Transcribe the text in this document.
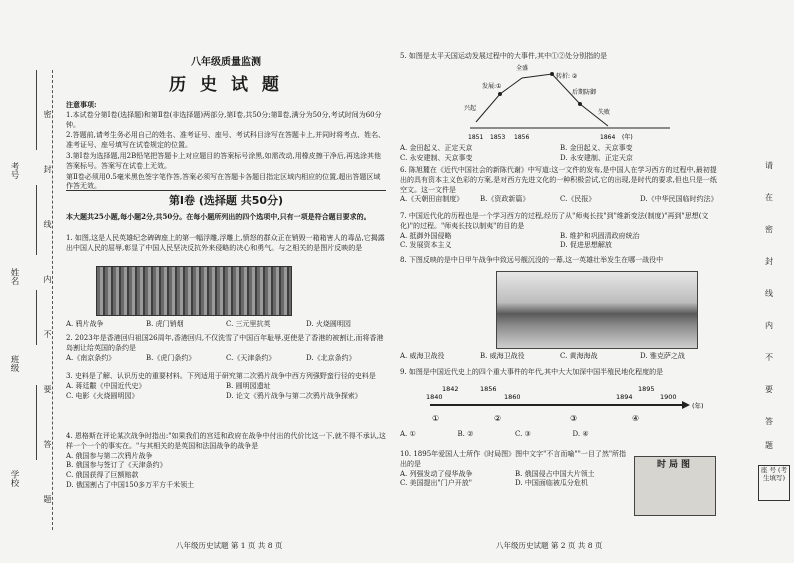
考号
姓名
班级
学校
密
封
线
内
不
要
答
题
八年级质量监测
历 史 试 题

注意事项:

1.本试卷分第Ⅰ卷(选择题)和第Ⅱ卷(非选择题)两部分,第Ⅰ卷,共50分;第Ⅱ卷,满分为50分,考试时间为60分钟。

2.答题前,请考生务必用自己的姓名、准考证号、座号、考试科目涂写在答题卡上,并同时将考点、姓名、准考证号、座号填写在试卷规定的位置。

3.第Ⅰ卷为选择题,用2B铅笔把答题卡上对应题目的答案标号涂黑,如需改动,用橡皮擦干净后,再选涂其他答案标号。答案写在试卷上无效。

第Ⅱ卷必须用0.5毫米黑色签字笔作答,答案必须写在答题卡各题目指定区域内相应的位置,超出答题区域作答无效。

第Ⅰ卷 (选择题 共50分)

本大题共25小题,每小题2分,共50分。在每小题所列出的四个选项中,只有一项是符合题目要求的。

1. 如图,这是人民英雄纪念碑碑座上的第一幅浮雕,浮雕上,愤怒的群众正在销毁一箱箱害人的毒品,它揭露出中国人民的屈辱,彰显了中国人民坚决反抗外来侵略的决心和勇气。与之相关的是图片反映的是

A. 鸦片战争	B. 虎门销烟	C. 三元里抗英	D. 火烧圆明园

2. 2023年是香港回归祖国26周年,香港回归,不仅洗雪了中国百年耻辱,更使是了香港的被割让,而将香港岛割让给英国的条约是

A.《南京条约》	B.《虎门条约》	C.《天津条约》	D.《北京条约》

3. 史料是了解、认识历史的重要材料。下列适用于研究第二次鸦片战争中西方列强野蛮行径的史料是

A. 蒋廷黻《中国近代史》	B. 圆明园遗址
C. 电影《火烧圆明园》	D. 论文《鸦片战争与第二次鸦片战争探索》

4. 恩格斯在评论某次战争时指出:"如果我们的宫廷和政府在战争中付出的代价比这一下,就不得不承认,这样一个一个的事实在。"与其相关的是英国和法国战争的战争是

A. 俄国参与第二次鸦片战争

B. 俄国参与签订了《天津条约》

C. 俄国获得了巨额赔款

D. 俄国割占了中国150多万平方千米领土

八年级历史试题 第 1 页 共 8 页

5. 如图是太平天国运动发展过程中的大事件,其中①②处分别指的是

全盛
转折: ②
后期防御
失败
发展:①
兴起
1851 1853 1856	1864 (年)
A. 金田起义、正定天京	B. 金田起义、天京事变
C. 永安建制、天京事变	D. 永安建制、正定天京

6. 陈旭麓在《近代中国社会的新陈代谢》中写道:这一文件的发布,是中国人在学习西方的过程中,最初提出的具有资本主义色彩的方案,是对西方先进文化的一种积极尝试,它的出现,是时代的要求,但也只是一纸空文。这一文件是

A.《天朝田亩制度》	B.《资政新篇》	C.《民报》	D.《中华民国临时约法》

7. 中国近代化的历程也是一个学习西方的过程,经历了从"师夷长技"到"维新变法(制度)"再到"思想(文化)"的过程。"师夷长技以制夷"的目的是

A. 抵御外国侵略	B. 维护和巩固清政府统治
C. 发展资本主义	D. 促进思想解放

8. 下图反映的是中日甲午战争中致远号舰沉没的一幕,这一英雄壮举发生在哪一战役中

A. 威海卫战役	B. 威海卫战役	C. 黄海海战	D. 雅克萨之战

9. 如图是中国近代史上的四个重大事件的年代,其中大大加深中国半殖民地化程度的是

1840
1842	1856
1860	1894
1895
1900
(年)
①	②	③	④
A. ①	B. ②	C. ③	D. ④

10. 1895年爱国人士所作《时局图》图中文字"不言而喻""一目了然"所指出的是

A. 列强发动了侵华战争	B. 俄国侵占中国大片领土
C. 美国提出"门户开放"	D. 中国面临被瓜分危机
时局图
八年级历史试题 第 2 页 共 8 页
请
在
密
封
线
内
不
要
答
题
座 号 (考生填写)
